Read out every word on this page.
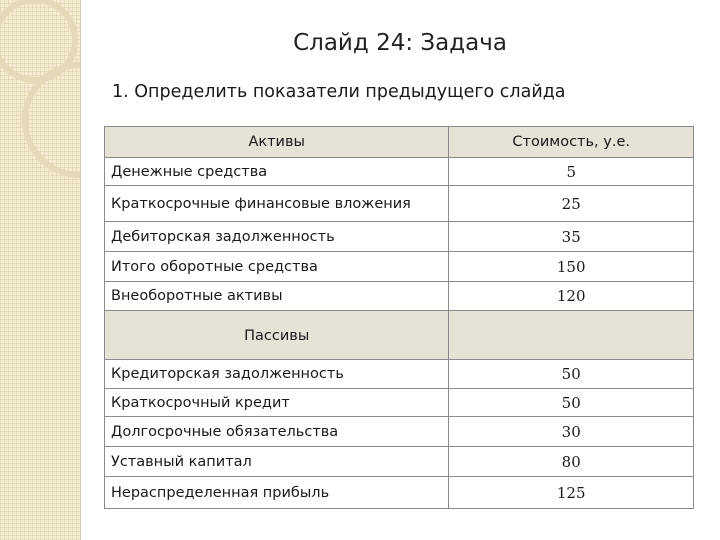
Слайд 24: Задача
1. Определить показатели предыдущего слайда
Активы	Стоимость, у.е.
Денежные средства	5
Краткосрочные финансовые вложения	25
Дебиторская задолженность	35
Итого оборотные средства	150
Внеоборотные активы	120
Пассивы	
Кредиторская задолженность	50
Краткосрочный кредит	50
Долгосрочные обязательства	30
Уставный капитал	80
Нераспределенная прибыль	125
